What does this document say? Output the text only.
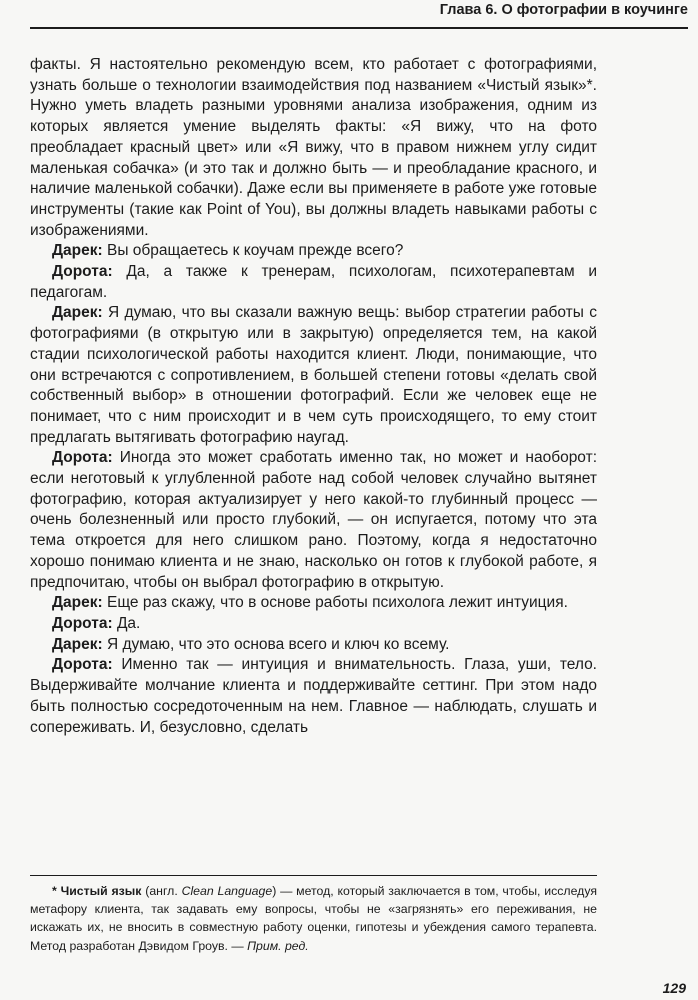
Глава 6. О фотографии в коучинге

факты. Я настоятельно рекомендую всем, кто работает с фотографиями, узнать больше о технологии взаимодействия под названием «Чистый язык»*. Нужно уметь владеть разными уровнями анализа изображения, одним из которых является умение выделять факты: «Я вижу, что на фото преобладает красный цвет» или «Я вижу, что в правом нижнем углу сидит маленькая собачка» (и это так и должно быть — и преобладание красного, и наличие маленькой собачки). Даже если вы применяете в работе уже готовые инструменты (такие как Point of You), вы должны владеть навыками работы с изображениями.

Дарек: Вы обращаетесь к коучам прежде всего?

Дорота: Да, а также к тренерам, психологам, психотерапевтам и педагогам.

Дарек: Я думаю, что вы сказали важную вещь: выбор стратегии работы с фотографиями (в открытую или в закрытую) определяется тем, на какой стадии психологической работы находится клиент. Люди, понимающие, что они встречаются с сопротивлением, в большей степени готовы «делать свой собственный выбор» в отношении фотографий. Если же человек еще не понимает, что с ним происходит и в чем суть происходящего, то ему стоит предлагать вытягивать фотографию наугад.

Дорота: Иногда это может сработать именно так, но может и наоборот: если неготовый к углубленной работе над собой человек случайно вытянет фотографию, которая актуализирует у него какой-то глубинный процесс — очень болезненный или просто глубокий, — он испугается, потому что эта тема откроется для него слишком рано. Поэтому, когда я недостаточно хорошо понимаю клиента и не знаю, насколько он готов к глубокой работе, я предпочитаю, чтобы он выбрал фотографию в открытую.

Дарек: Еще раз скажу, что в основе работы психолога лежит интуиция.

Дорота: Да.

Дарек: Я думаю, что это основа всего и ключ ко всему.

Дорота: Именно так — интуиция и внимательность. Глаза, уши, тело. Выдерживайте молчание клиента и поддерживайте сеттинг. При этом надо быть полностью сосредоточенным на нем. Главное — наблюдать, слушать и сопереживать. И, безусловно, сделать

* Чистый язык (англ. Clean Language) — метод, который заключается в том, чтобы, исследуя метафору клиента, так задавать ему вопросы, чтобы не «загрязнять» его переживания, не искажать их, не вносить в совместную работу оценки, гипотезы и убеждения самого терапевта. Метод разработан Дэвидом Гроув. — Прим. ред.

129
